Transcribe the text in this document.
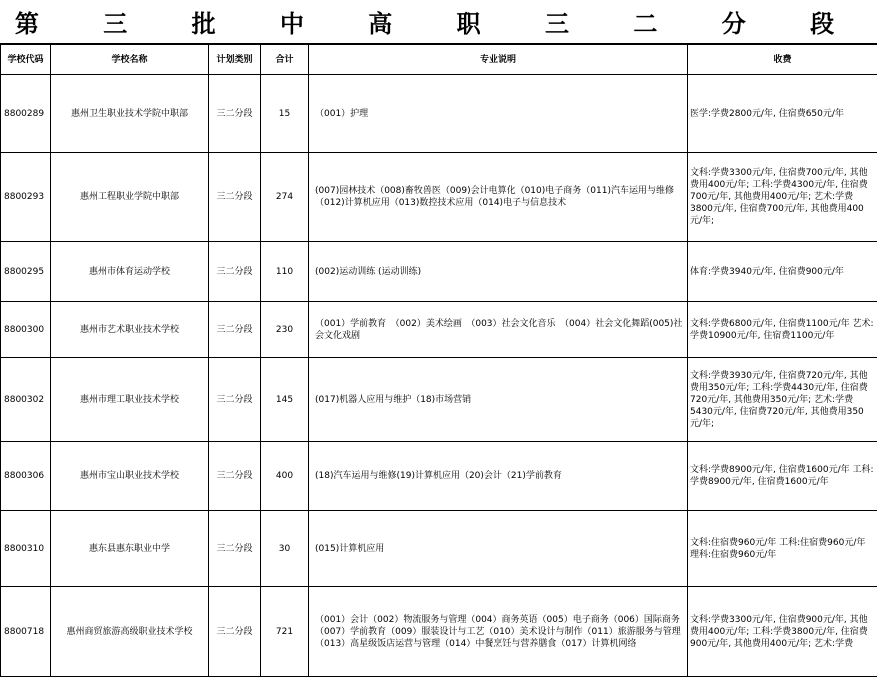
第 三 批 中 高 职 三 二 分 段
学校代码	学校名称	计划类别	合计	专业说明	收费
8800289	惠州卫生职业技术学院中职部	三二分段	15	（001）护理	医学:学费2800元/年, 住宿费650元/年
8800293	惠州工程职业学院中职部	三二分段	274	(007)园林技术（008)畜牧兽医（009)会计电算化（010)电子商务（011)汽车运用与维修（012)计算机应用（013)数控技术应用（014)电子与信息技术	文科:学费3300元/年, 住宿费700元/年, 其他费用400元/年; 工科:学费4300元/年, 住宿费700元/年, 其他费用400元/年; 艺术:学费3800元/年, 住宿费700元/年, 其他费用400元/年;
8800295	惠州市体育运动学校	三二分段	110	(002)运动训练 (运动训练)	体育:学费3940元/年, 住宿费900元/年
8800300	惠州市艺术职业技术学校	三二分段	230	（001）学前教育　（002）美术绘画　（003）社会文化音乐　（004）社会文化舞蹈(005)社会文化戏剧	文科:学费6800元/年, 住宿费1100元/年 艺术:学费10900元/年, 住宿费1100元/年
8800302	惠州市理工职业技术学校	三二分段	145	(017)机器人应用与维护（18)市场营销	文科:学费3930元/年, 住宿费720元/年, 其他费用350元/年; 工科:学费4430元/年, 住宿费720元/年, 其他费用350元/年; 艺术:学费5430元/年, 住宿费720元/年, 其他费用350元/年;
8800306	惠州市宝山职业技术学校	三二分段	400	(18)汽车运用与维修(19)计算机应用（20)会计（21)学前教育	文科:学费8900元/年, 住宿费1600元/年 工科:学费8900元/年, 住宿费1600元/年
8800310	惠东县惠东职业中学	三二分段	30	(015)计算机应用	文科:住宿费960元/年 工科:住宿费960元/年 理科:住宿费960元/年
8800718	惠州商贸旅游高级职业技术学校	三二分段	721	（001）会计（002）物流服务与管理（004）商务英语（005）电子商务（006）国际商务（007）学前教育（009）服装设计与工艺（010）美术设计与制作（011）旅游服务与管理（013）高星级饭店运营与管理（014）中餐烹饪与营养膳食（017）计算机网络	文科:学费3300元/年, 住宿费900元/年, 其他费用400元/年; 工科:学费3800元/年, 住宿费900元/年, 其他费用400元/年; 艺术:学费
